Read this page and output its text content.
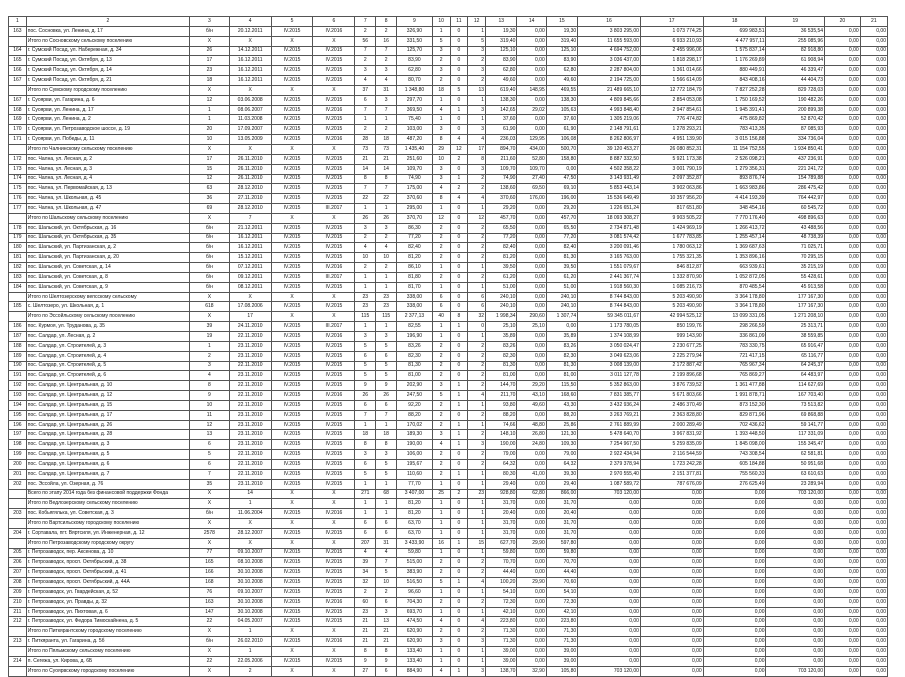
1	2	3	4	5	6	7	8	9	10	11	12	13	14	15	16	17	18	19	20	21
163	пос. Сосновка, ул. Ленина, д. 17	б/н	20.12.2011	IV.2015	IV.2016	2	2	326,90	1	0	1	19,30	0,00	19,30	3 803 295,00	1 073 774,25	699 983,51	36 535,54	0,00	0,00
	Итого по Сосновскому сельскому поселению	X	X	X	X	56	16	331,50	5	0	5	319,40	0,00	319,40	11 655 593,00	6 933 210,93	4 477 957,11	255 085,96	0,00	0,00
164	г. Сумский Посад, ул. Набережная, д. 34	26	14.12.2011	IV.2015	IV.2015	7	7	125,70	3	0	3	125,10	0,00	125,10	4 694 752,00	2 455 996,06	1 575 837,14	82 918,80	0,00	0,00
165	г. Сумский Посад, ул. Октября, д. 13	17	16.12.2011	IV.2015	IV.2015	2	2	83,90	2	0	2	83,90	0,00	83,90	3 036 437,00	1 818 298,17	1 176 269,89	61 908,94	0,00	0,00
166	г. Сумский Посад, ул. Октября, д. 14	23	16.12.2011	IV.2015	IV.2015	3	3	62,80	3	0	3	62,80	0,00	62,80	2 287 804,00	1 361 014,66	880 449,91	46 339,47	0,00	0,00
167	г. Сумский Посад, ул. Октября, д. 21	18	16.12.2011	IV.2015	IV.2015	4	4	80,70	2	0	2	49,60	0,00	49,60	2 194 725,00	1 566 614,09	843 408,16	44 404,73	0,00	0,00
	Итого по Сумскому городскому поселению	X	X	X	X	37	31	1 348,80	18	5	13	619,40	148,95	469,55	21 489 665,10	12 772 184,79	7 827 252,28	829 728,03	0,00	0,00
167	г. Суоярви, ул. Гагарина, д. 6	12	03.06.2008	IV.2015	IV.2015	6	3	297,70	1	0	1	138,30	0,00	138,30	4 809 845,66	2 854 053,08	1 750 169,52	190 482,26	0,00	0,00
168	г. Суоярви, ул. Ленина, д. 17	1	08.06.2007	IV.2015	IV.2016	7	7	369,50	4	1	3	142,65	29,02	105,63	4 993 848,40	2 947 854,61	1 945 391,41	200 899,38	0,00	0,00
169	г. Суоярви, ул. Ленина, д. 2	1	11.03.2008	IV.2015	IV.2015	1	1	75,40	1	0	1	37,60	0,00	37,60	1 305 219,06	776 474,82	475 869,82	52 870,42	0,00	0,00
170	г. Суоярви, ул. Петрозаводское шоссе, д. 19	20	17.09.2007	IV.2015	IV.2015	2	2	103,00	3	0	3	61,90	0,00	61,90	2 148 791,61	1 278 293,21	783 413,35	87 085,93	0,00	0,00
171	г. Суоярви, ул. Победы, д. 11	10	13.05.2009	IV.2015	IV.2016	28	18	487,20	8	4	4	236,03	129,95	106,08	8 262 806,97	4 951 139,90	3 015 156,88	334 736,04	0,00	0,00
	Итого по Чалнинскому сельскому поселению	X	X	X	X	73	73	1 435,40	29	12	17	894,70	434,00	500,70	39 120 453,27	26 080 852,31	11 154 752,55	1 934 850,41	0,00	0,00
172	пос. Чална, ул. Лесная, д. 2	17	26.11.2010	IV.2015	IV.2015	21	21	251,60	10	2	8	211,60	52,80	158,80	8 887 332,50	5 921 173,38	2 526 098,21	437 236,91	0,00	0,00
173	пос. Чална, ул. Лесная, д. 3	15	26.11.2010	IV.2015	IV.2015	14	14	109,70	3	0	3	109,70	109,70	0,00	4 502 358,22	3 001 790,19	1 279 356,31	221 241,72	0,00	0,00
174	пос. Чална, ул. Лесная, д. 4	12	26.11.2010	IV.2015	IV.2015	8	8	74,90	3	1	2	74,90	27,40	47,50	3 143 931,49	2 097 352,87	893 876,74	154 789,88	0,00	0,00
175	пос. Чална, ул. Первомайская, д. 13	63	28.12.2010	IV.2015	IV.2015	7	7	175,00	4	2	2	138,60	69,50	69,10	5 853 443,14	3 902 063,86	1 663 983,86	286 475,42	0,00	0,00
176	пос. Чална, ул. Школьная, д. 45	36	27.11.2010	IV.2015	IV.2015	22	22	370,60	8	4	4	370,60	176,00	196,00	15 536 649,49	10 357 956,20	4 414 193,39	764 442,97	0,00	0,00
177	пос. Чална, ул. Школьная, д. 47	69	28.12.2010	IV.2015	III.2017	1	1	295,00	1	0	1	29,20	0,00	29,20	1 226 651,24	817 651,80	348 454,16	60 545,72	0,00	0,00
	Итого по Шальскому сельскому поселению	X	7	X	X	26	26	370,70	12	0	12	457,70	0,00	457,70	18 093 308,27	9 903 505,22	7 770 176,40	498 896,63	0,00	0,00
178	пос. Шальский, ул. Октябрьская, д. 16	б/н	21.12.2011	IV.2015	IV.2015	3	3	86,30	2	0	2	65,50	0,00	65,50	2 734 871,48	1 424 969,19	1 266 413,72	43 488,56	0,00	0,00
179	пос. Шальский, ул. Октябрьская, д. 35	б/н	16.12.2011	IV.2015	IV.2015	2	2	77,20	2	0	2	77,20	0,00	77,20	3 081 574,42	1 677 783,85	1 255 457,14	48 738,39	0,00	0,00
180	пос. Шальский, ул. Партизанская, д. 2	б/н	16.12.2011	IV.2015	IV.2015	4	4	82,40	2	0	2	82,40	0,00	82,40	3 200 091,46	1 780 063,12	1 369 687,63	71 025,71	0,00	0,00
181	пос. Шальский, ул. Партизанская, д. 20	б/н	15.12.2011	IV.2015	IV.2015	10	10	81,20	2	0	2	81,20	0,00	81,30	3 165 763,00	1 755 321,35	1 353 896,16	70 295,15	0,00	0,00
182	пос. Шальский, ул. Советская, д. 14	б/н	07.12.2011	IV.2015	IV.2016	2	2	86,10	1	0	1	39,50	0,00	39,50	1 551 079,67	846 812,87	663 939,61	35 215,19	0,00	0,00
183	пос. Шальский, ул. Советская, д. 8	б/н	09.12.2011	IV.2015	III.2017	1	1	81,80	2	0	2	61,20	0,00	61,20	2 441 367,74	1 332 870,90	1 052 872,05	55 428,61	0,00	0,00
184	пос. Шальский, ул. Советская, д. 9	б/н	08.12.2011	IV.2015	IV.2015	1	1	81,70	1	0	1	51,00	0,00	51,00	1 918 560,30	1 085 216,73	870 485,54	45 913,58	0,00	0,00
	Итого по Шелтозерскому вепсскому сельскому	X	X	X	X	23	23	338,00	6	0	6	240,10	0,00	240,10	8 744 843,00	5 203 490,90	3 364 178,80	177 167,30	0,00	0,00
185	с. Шелтозеро, ул. Школьная, д. 1	618	17.08.2006	IV.2015	IV.2015	23	23	338,00	6	0	6	240,10	0,00	240,10	8 744 843,00	5 203 490,90	3 364 178,80	177 167,30	0,00	0,00
	Итого по Эссойльскому сельскому поселению	X	17	X	X	115	115	2 377,13	40	8	32	1 998,34	290,60	1 307,74	59 345 011,67	42 994 525,12	13 099 331,05	1 271 208,10	0,00	0,00
186	пос. Курмоя, ул. Труданова, д. 35	39	24.11.2010	IV.2015	III.2017	1	1	82,55	1	1	0	25,10	25,10	0,00	1 173 780,05	850 199,76	298 266,59	25 313,71	0,00	0,00
187	пос. Салдар, ул. Лесная, д. 2	19	22.11.2010	IV.2015	IV.2016	3	3	196,90	1	0	1	35,89	0,00	35,89	1 374 108,99	999 143,90	336 861,09	38 559,85	0,00	0,00
188	пос. Салдар, ул. Строителей, д. 3	1	23.11.2010	IV.2015	IV.2015	5	5	83,26	2	0	2	83,26	0,00	83,26	3 050 024,47	2 230 677,25	783 330,75	65 916,47	0,00	0,00
189	пос. Салдар, ул. Строителей, д. 4	2	23.11.2010	IV.2015	IV.2015	6	6	82,30	2	0	2	82,30	0,00	82,30	3 049 623,06	2 225 279,94	721 417,15	65 116,77	0,00	0,00
190	пос. Салдар, ул. Строителей, д. 5	3	22.11.2010	IV.2015	IV.2015	5	5	81,30	2	0	2	81,30	0,00	81,30	3 008 139,00	2 172 887,42	765 967,34	64 245,37	0,00	0,00
191	пос. Салдар, ул. Строителей, д. 6	4	23.11.2010	IV.2015	IV.2015	5	5	81,00	2	0	2	81,00	0,00	81,00	3 011 127,78	2 199 896,68	765 869,27	64 483,97	0,00	0,00
192	пос. Салдар, ул. Центральная, д. 10	8	22.11.2010	IV.2015	IV.2015	9	9	202,90	3	1	2	144,70	29,20	115,50	5 352 863,00	3 876 739,52	1 361 477,88	114 627,69	0,00	0,00
193	пос. Салдар, ул. Центральная, д. 12	9	22.11.2010	IV.2015	IV.2016	26	26	247,50	5	1	4	211,70	43,10	168,60	7 831 385,77	5 671 803,66	1 991 878,71	167 703,40	0,00	0,00
194	пос. Салдар, ул. Центральная, д. 15	10	22.11.2010	IV.2015	IV.2015	6	6	92,20	2	1	1	93,80	49,60	43,30	3 432 936,24	2 486 370,49	873 152,30	73 513,82	0,00	0,00
195	пос. Салдар, ул. Центральная, д. 17	11	23.11.2010	IV.2015	IV.2015	7	7	88,20	2	0	2	88,20	0,00	88,20	3 263 769,21	2 363 828,80	829 871,96	69 868,88	0,00	0,00
196	пос. Салдар, ул. Центральная, д. 26	12	23.11.2010	IV.2015	IV.2015	1	1	170,02	2	1	1	74,66	48,80	25,86	2 761 889,99	2 000 289,49	702 436,62	59 141,77	0,00	0,00
197	пос. Салдар, ул. Центральная, д. 28	13	23.11.2010	IV.2015	IV.2015	18	18	189,30	3	1	2	148,10	26,80	121,30	5 478 640,70	3 967 831,92	1 393 448,50	117 331,09	0,00	0,00
198	пос. Салдар, ул. Центральная, д. 3	6	23.11.2010	IV.2015	IV.2015	8	8	190,00	4	1	3	190,00	24,80	109,30	7 254 967,50	5 259 835,09	1 845 098,00	155 345,47	0,00	0,00
199	пос. Салдар, ул. Центральная, д. 5	5	22.11.2010	IV.2015	IV.2015	3	3	106,00	2	0	2	79,00	0,00	79,00	2 922 434,94	2 116 544,59	743 308,54	62 581,81	0,00	0,00
200	пос. Салдар, ул. Центральная, д. 6	6	22.11.2010	IV.2015	IV.2015	6	5	195,67	2	0	2	64,32	0,00	64,32	2 379 378,94	1 723 242,28	605 184,88	50 951,68	0,00	0,00
201	пос. Салдар, ул. Центральная, д. 7	7	22.11.2010	IV.2015	IV.2015	5	5	110,60	2	1	1	80,30	41,00	39,30	2 970 555,40	2 151 377,81	755 560,33	63 610,63	0,00	0,00
202	пос. Эссойла, ул. Озерная, д. 76	35	23.11.2010	IV.2015	IV.2015	1	1	77,70	1	0	1	29,40	0,00	29,40	1 087 589,72	787 676,09	276 625,49	23 289,94	0,00	0,00
	Всего по этапу 2014 года без финансовой поддержки Фонда	X	14	X	X	271	68	3 407,00	25	2	23	928,80	62,80	866,00	703 120,00	0,00	0,00	703 120,00	0,00	0,00
	Итого по Ведлозерскому сельскому поселению	X	1	X	X	1	1	81,20	1	0	1	31,70	0,00	31,70	0,00	0,00	0,00	0,00	0,00	0,00
203	пос. Кобьягялька, ул. Советская, д. 3	б/н	11.06.2004	IV.2015	IV.2016	1	1	81,20	1	0	1	20,40	0,00	20,40	0,00	0,00	0,00	0,00	0,00	0,00
	Итого по Вартсильскому городскому поселению	X	X	X	X	6	6	63,70	1	0	1	31,70	0,00	31,70	0,00	0,00	0,00	0,00	0,00	0,00
204	г. Сортавала, пгт. Вяртсиля, ул. Инженерная, д. 12	2578	28.12.2007	IV.2015	IV.2015	6	6	63,70	1	0	1	31,70	0,00	31,70	0,00	0,00	0,00	0,00	0,00	0,00
	Итого по Петрозаводскому городскому округу	X	X	X	X	207	31	3 433,90	16	1	15	627,70	29,90	597,80	0,00	0,00	0,00	0,00	0,00	0,00
205	г. Петрозаводск, пер. Аксенова, д. 10	77	09.10.2007	IV.2015	IV.2015	4	4	59,80	1	0	1	59,80	0,00	59,80	0,00	0,00	0,00	0,00	0,00	0,00
206	г. Петрозаводск, просп. Октябрьский, д. 38	165	08.10.2008	IV.2015	IV.2015	39	7	515,00	2	0	2	70,70	0,00	70,70	0,00	0,00	0,00	0,00	0,00	0,00
207	г. Петрозаводск, просп. Октябрьский, д. 41	166	30.10.2008	IV.2015	IV.2015	34	5	383,90	2	0	2	44,40	0,00	44,40	0,00	0,00	0,00	0,00	0,00	0,00
208	г. Петрозаводск, просп. Октябрьский, д. 44А	168	30.10.2008	IV.2015	IV.2015	32	10	516,50	5	1	4	100,20	29,90	70,60	0,00	0,00	0,00	0,00	0,00	0,00
209	г. Петрозаводск, ул. Гвардейская, д. 52	76	09.10.2007	IV.2015	IV.2015	2	2	96,60	1	0	1	54,10	0,00	54,10	0,00	0,00	0,00	0,00	0,00	0,00
210	г. Петрозаводск, ул. Правды, д. 32	163	30.10.2008	IV.2015	IV.2016	60	6	704,30	2	0	2	72,30	0,00	72,30	0,00	0,00	0,00	0,00	0,00	0,00
211	г. Петрозаводск, ул. Пихтовая, д. 6	147	30.10.2008	IV.2015	IV.2015	23	3	693,70	1	0	1	42,10	0,00	42,10	0,00	0,00	0,00	0,00	0,00	0,00
212	г. Петрозаводск, ул. Федора Тимоскайнена, д. 5	22	04.05.2007	IV.2015	IV.2015	21	13	474,50	4	0	4	223,80	0,00	223,80	0,00	0,00	0,00	0,00	0,00	0,00
	Итого по Питкярантскому городскому поселению	X	1	X	X	21	21	620,90	2	0	2	71,30	0,00	71,30	0,00	0,00	0,00	0,00	0,00	0,00
213	г. Питкяранта, ул. Гагарина, д. 5б	б/н	26.02.2010	IV.2015	IV.2016	21	21	620,90	3	0	3	71,30	0,00	71,30	0,00	0,00	0,00	0,00	0,00	0,00
	Итого по Пяльмскому сельскому поселению	X	1	X	X	8	8	133,40	1	0	1	39,00	0,00	39,00	0,00	0,00	0,00	0,00	0,00	0,00
214	п. Сегежа, ул. Кирова, д. 6Б	22	22.05.2006	IV.2015	IV.2015	9	9	133,40	1	0	1	39,00	0,00	39,00	0,00	0,00	0,00	0,00	0,00	0,00
	Итого по Суоярвскому городскому поселению	X	2	X	X	27	6	884,90	4	1	3	138,70	32,90	105,80	703 120,00	0,00	0,00	703 120,00	0,00	0,00
